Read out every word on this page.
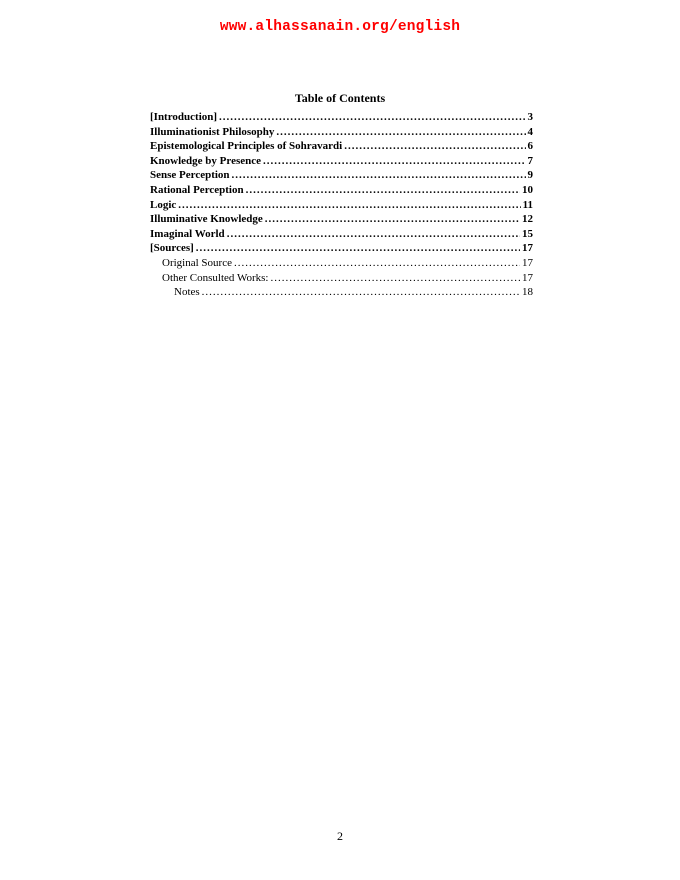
www.alhassanain.org/english
Table of Contents
[Introduction] .....	3
Illuminationist Philosophy .....	4
Epistemological Principles of Sohravardi .....	6
Knowledge by Presence .....	7
Sense Perception .....	9
Rational Perception .....	10
Logic .....	11
Illuminative Knowledge .....	12
Imaginal World .....	15
[Sources] .....	17
Original Source .....	17
Other Consulted Works: .....	17
Notes .....	18
2
